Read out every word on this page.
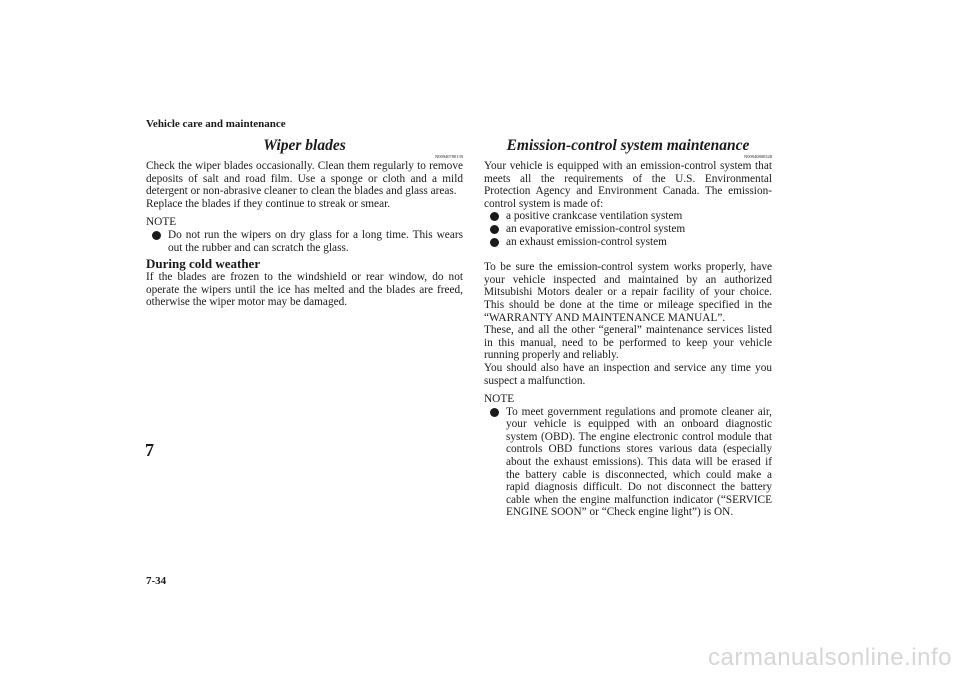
Vehicle care and maintenance
7
7-34
Wiper blades
N00940700139

Check the wiper blades occasionally. Clean them regularly to remove deposits of salt and road film. Use a sponge or cloth and a mild detergent or non-abrasive cleaner to clean the blades and glass areas.

Replace the blades if they continue to streak or smear.

NOTE
Do not run the wipers on dry glass for a long time. This wears out the rubber and can scratch the glass.
During cold weather

If the blades are frozen to the windshield or rear window, do not operate the wipers until the ice has melted and the blades are freed, otherwise the wiper motor may be damaged.

Emission-control system maintenance
N00940800328

Your vehicle is equipped with an emission-control system that meets all the requirements of the U.S. Environmental Protection Agency and Environment Canada. The emission-control system is made of:

a positive crankcase ventilation system
an evaporative emission-control system
an exhaust emission-control system

To be sure the emission-control system works properly, have your vehicle inspected and maintained by an authorized Mitsubishi Motors dealer or a repair facility of your choice. This should be done at the time or mileage specified in the “WARRANTY AND MAINTENANCE MANUAL”.

These, and all the other “general” maintenance services listed in this manual, need to be performed to keep your vehicle running properly and reliably.

You should also have an inspection and service any time you suspect a malfunction.

NOTE
To meet government regulations and promote cleaner air, your vehicle is equipped with an onboard diagnostic system (OBD). The engine electronic control module that controls OBD functions stores various data (especially about the exhaust emissions). This data will be erased if the battery cable is disconnected, which could make a rapid diagnosis difficult. Do not disconnect the battery cable when the engine malfunction indicator (“SERVICE ENGINE SOON” or “Check engine light”) is ON.
carmanualsonline.info
